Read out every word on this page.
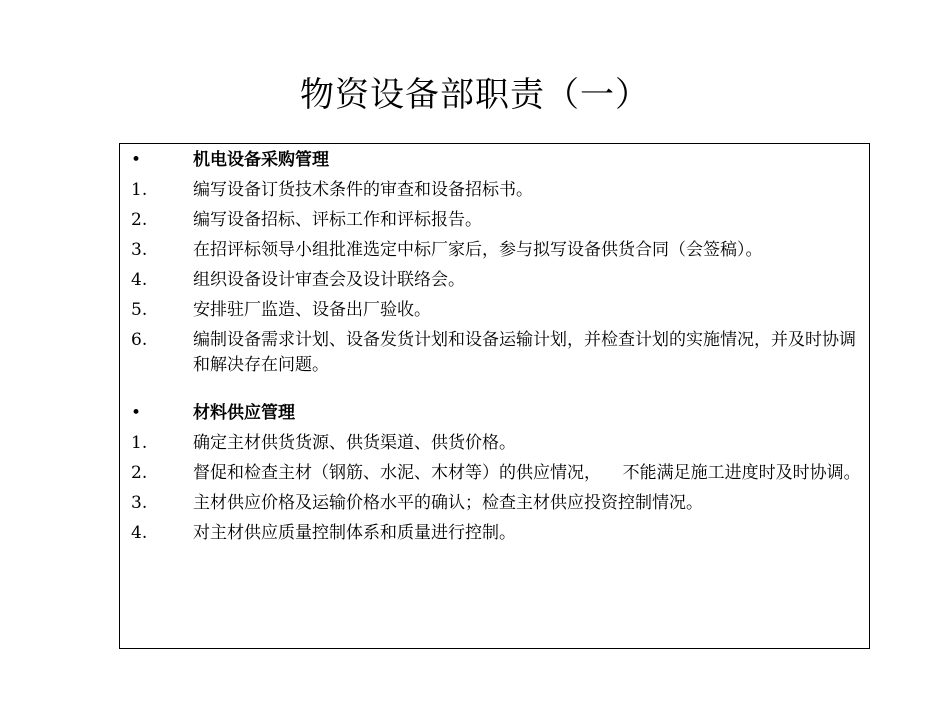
物资设备部职责（一）
•	机电设备采购管理
1.	编写设备订货技术条件的审查和设备招标书。
2.	编写设备招标、评标工作和评标报告。
3.	在招评标领导小组批准选定中标厂家后，参与拟写设备供货合同（会签稿）。
4.	组织设备设计审查会及设计联络会。
5.	安排驻厂监造、设备出厂验收。
6.	编制设备需求计划、设备发货计划和设备运输计划，并检查计划的实施情况，并及时协调和解决存在问题。
•	材料供应管理
1.	确定主材供货货源、供货渠道、供货价格。
2.	督促和检查主材（钢筋、水泥、木材等）的供应情况，    不能满足施工进度时及时协调。
3.	主材供应价格及运输价格水平的确认；检查主材供应投资控制情况。
4.	对主材供应质量控制体系和质量进行控制。
